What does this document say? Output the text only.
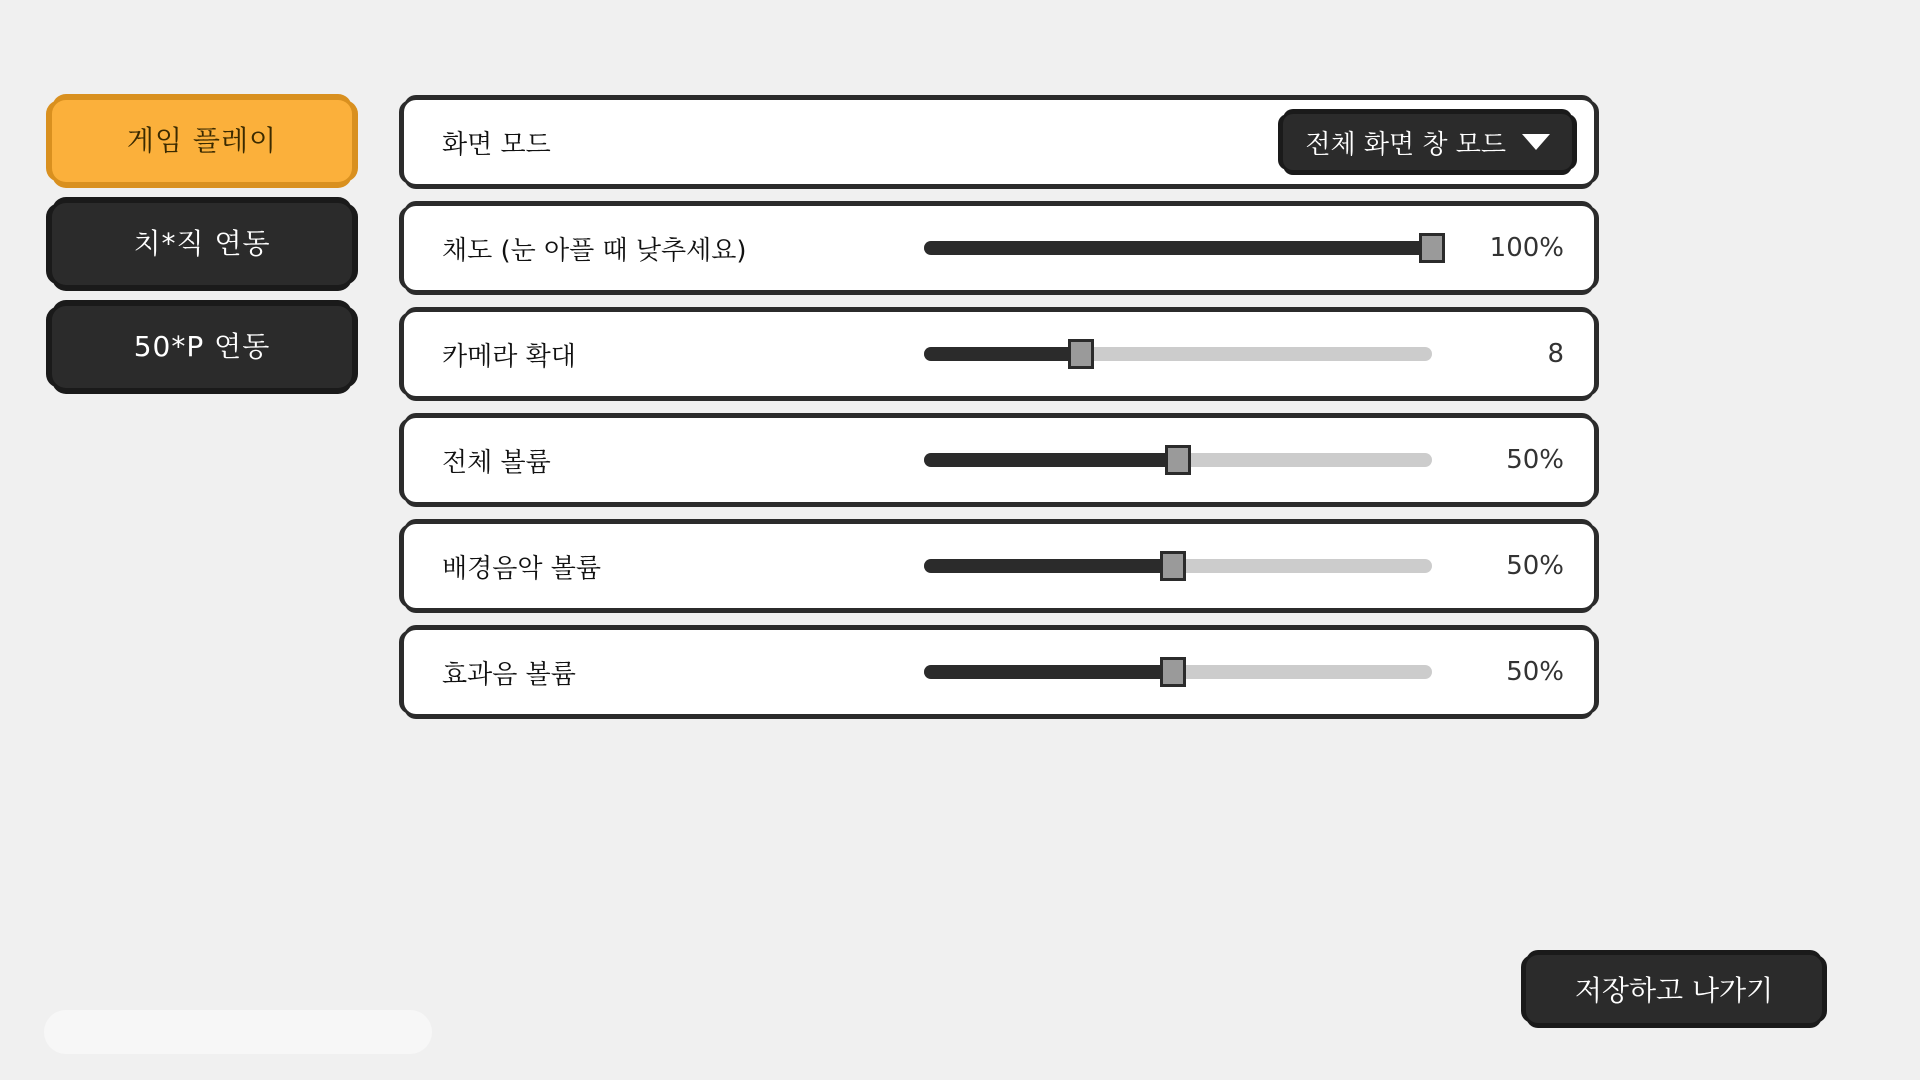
게임 플레이
치*직 연동
50*P 연동
화면 모드	전체 화면 창 모드
채도 (눈 아플 때 낮추세요)	100%
카메라 확대	8
전체 볼륨	50%
배경음악 볼륨	50%
효과음 볼륨	50%
저장하고 나가기
